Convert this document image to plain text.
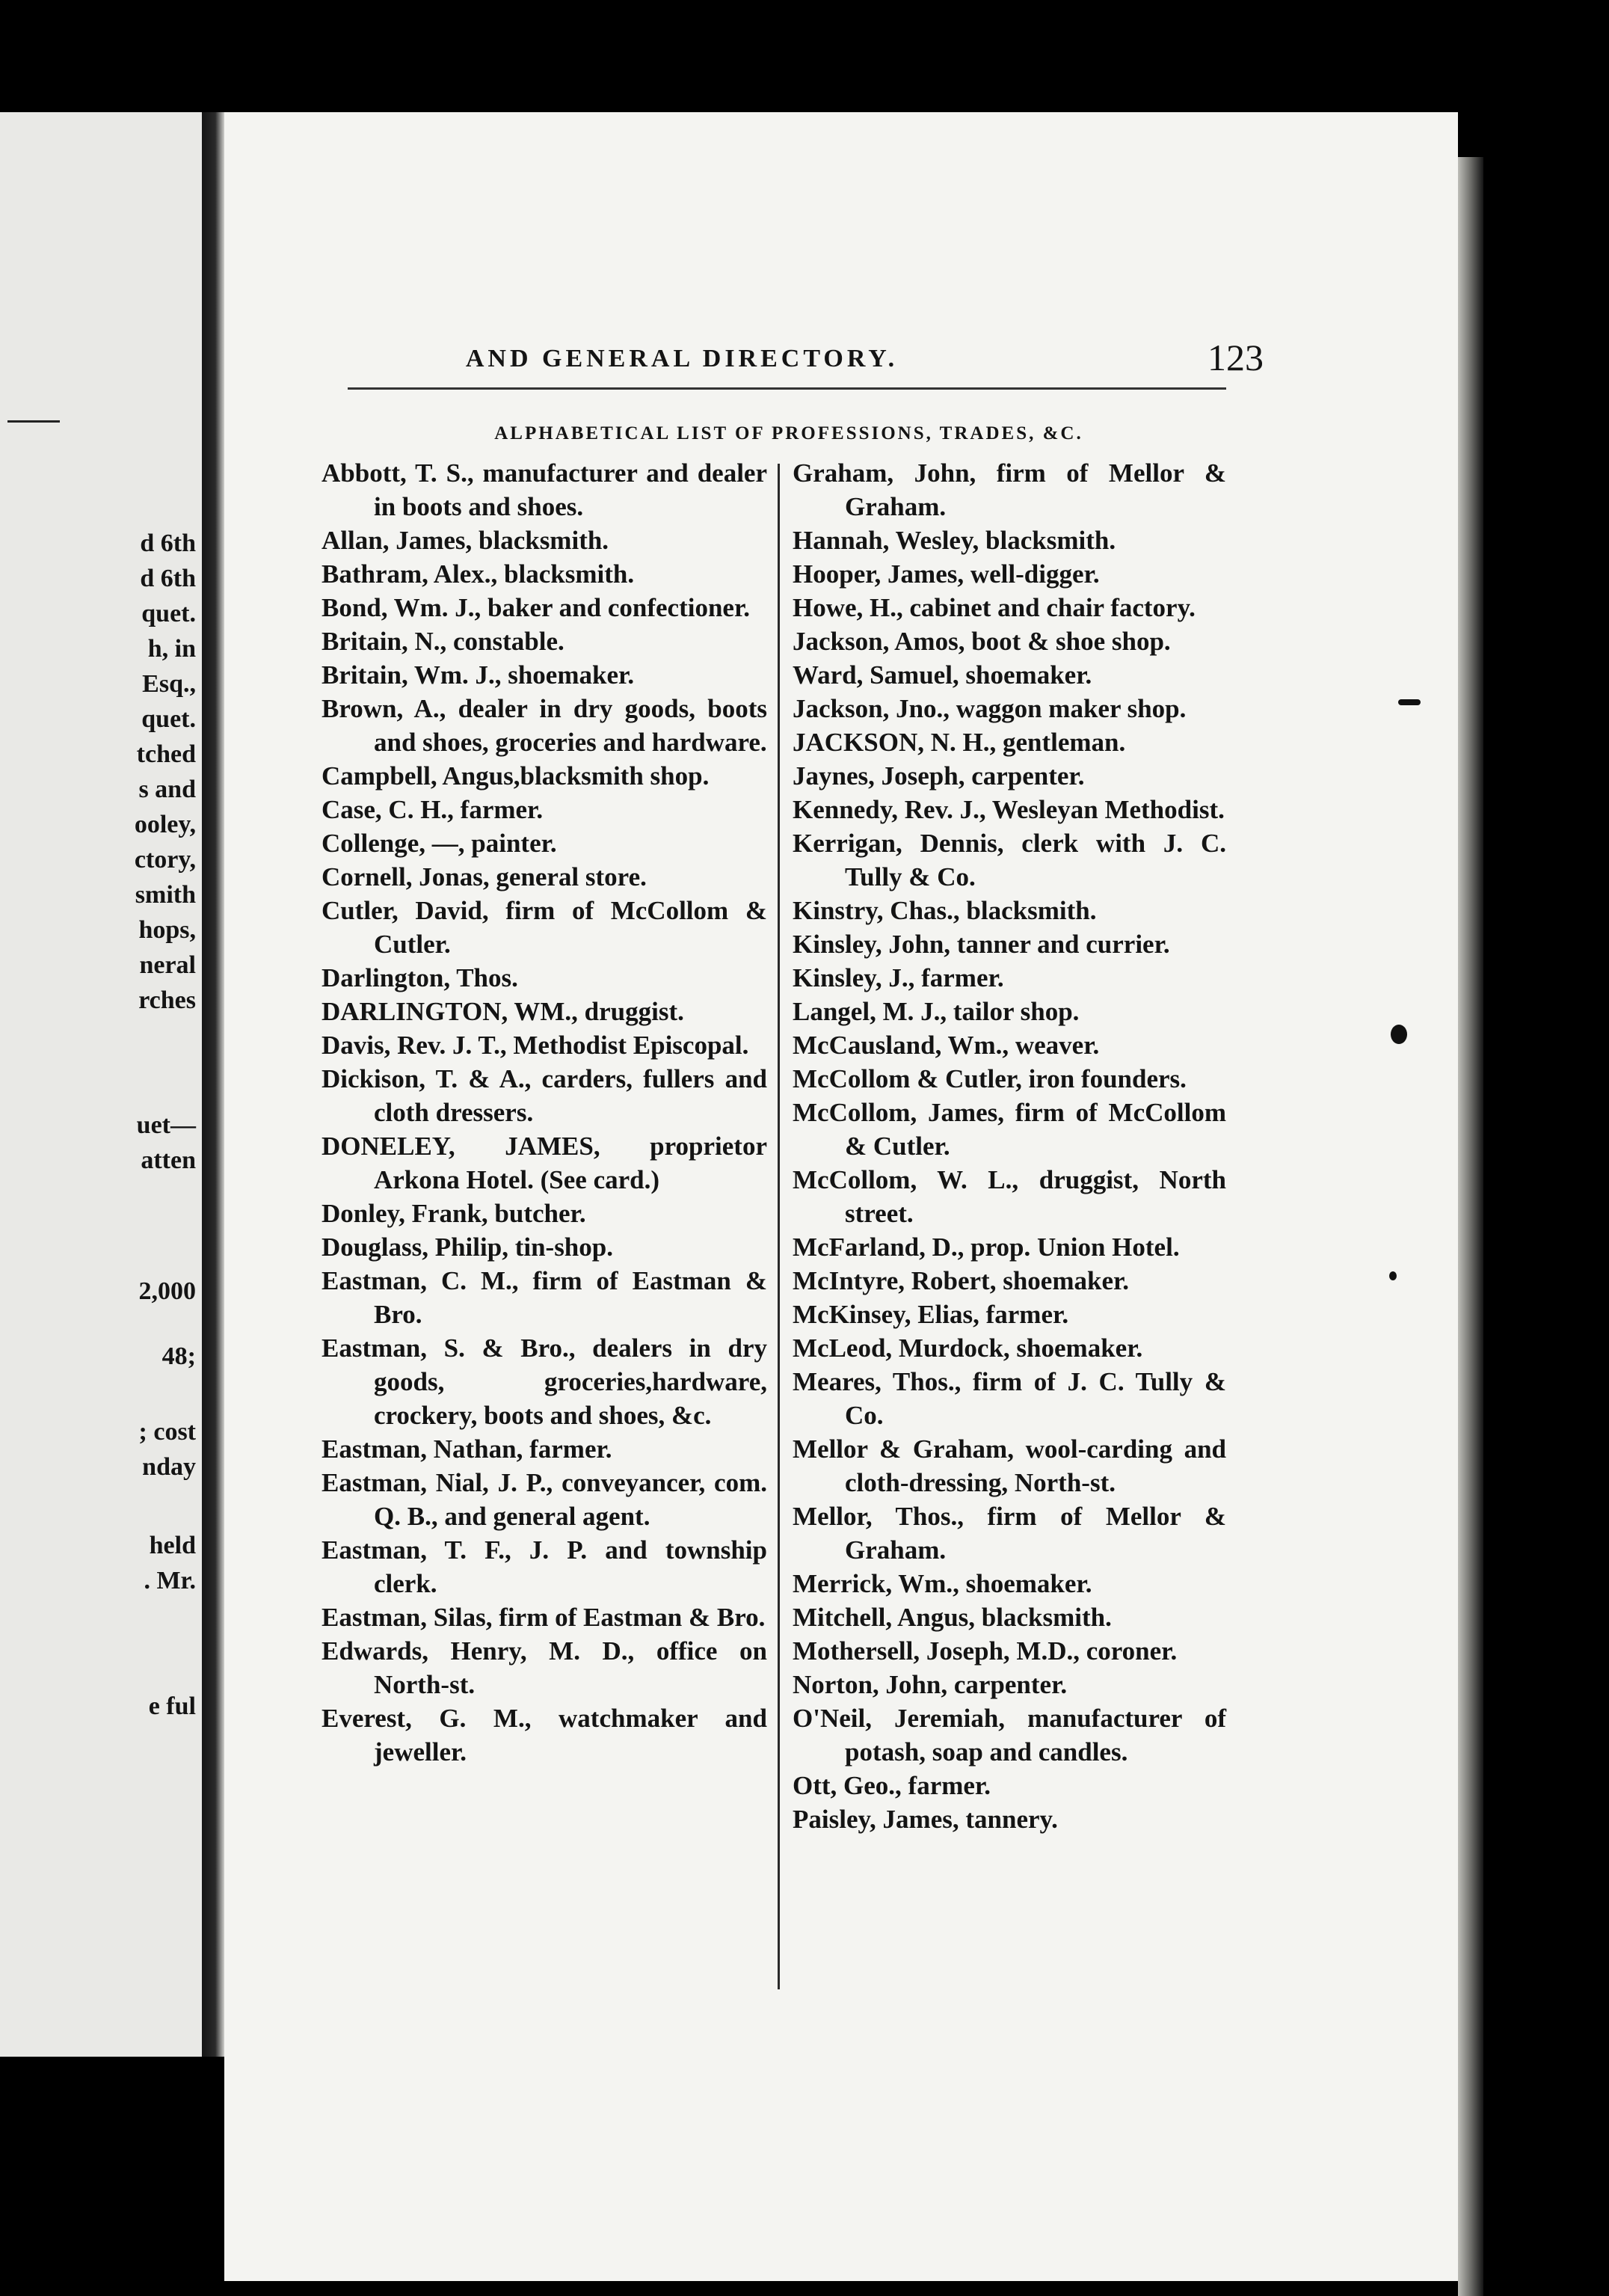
d 6th
d 6th
quet.
h, in
Esq.,
quet.
tched
s and
ooley,
ctory,
smith
hops,
neral
rches
uet—
atten
2,000
48;
; cost
nday
held
. Mr.
e ful
AND GENERAL DIRECTORY.	123
ALPHABETICAL LIST OF PROFESSIONS, TRADES, &C.
Abbott, T. S., manufacturer and dealer in boots and shoes.
Allan, James, blacksmith.
Bathram, Alex., blacksmith.
Bond, Wm. J., baker and confectioner.
Britain, N., constable.
Britain, Wm. J., shoemaker.
Brown, A., dealer in dry goods, boots and shoes, groceries and hardware.
Campbell, Angus,blacksmith shop.
Case, C. H., farmer.
Collenge, —, painter.
Cornell, Jonas, general store.
Cutler, David, firm of McCollom & Cutler.
Darlington, Thos.
DARLINGTON, WM., druggist.
Davis, Rev. J. T., Methodist Episcopal.
Dickison, T. & A., carders, fullers and cloth dressers.
DONELEY, JAMES, proprietor Arkona Hotel. (See card.)
Donley, Frank, butcher.
Douglass, Philip, tin-shop.
Eastman, C. M., firm of Eastman & Bro.
Eastman, S. & Bro., dealers in dry goods, groceries,hardware, crockery, boots and shoes, &c.
Eastman, Nathan, farmer.
Eastman, Nial, J. P., conveyancer, com. Q. B., and general agent.
Eastman, T. F., J. P. and township clerk.
Eastman, Silas, firm of Eastman & Bro.
Edwards, Henry, M. D., office on North-st.
Everest, G. M., watchmaker and jeweller.
Graham, John, firm of Mellor & Graham.
Hannah, Wesley, blacksmith.
Hooper, James, well-digger.
Howe, H., cabinet and chair factory.
Jackson, Amos, boot & shoe shop.
Ward, Samuel, shoemaker.
Jackson, Jno., waggon maker shop.
JACKSON, N. H., gentleman.
Jaynes, Joseph, carpenter.
Kennedy, Rev. J., Wesleyan Methodist.
Kerrigan, Dennis, clerk with J. C. Tully & Co.
Kinstry, Chas., blacksmith.
Kinsley, John, tanner and currier.
Kinsley, J., farmer.
Langel, M. J., tailor shop.
McCausland, Wm., weaver.
McCollom & Cutler, iron founders.
McCollom, James, firm of McCollom & Cutler.
McCollom, W. L., druggist, North street.
McFarland, D., prop. Union Hotel.
McIntyre, Robert, shoemaker.
McKinsey, Elias, farmer.
McLeod, Murdock, shoemaker.
Meares, Thos., firm of J. C. Tully & Co.
Mellor & Graham, wool-carding and cloth-dressing, North-st.
Mellor, Thos., firm of Mellor & Graham.
Merrick, Wm., shoemaker.
Mitchell, Angus, blacksmith.
Mothersell, Joseph, M.D., coroner.
Norton, John, carpenter.
O'Neil, Jeremiah, manufacturer of potash, soap and candles.
Ott, Geo., farmer.
Paisley, James, tannery.
